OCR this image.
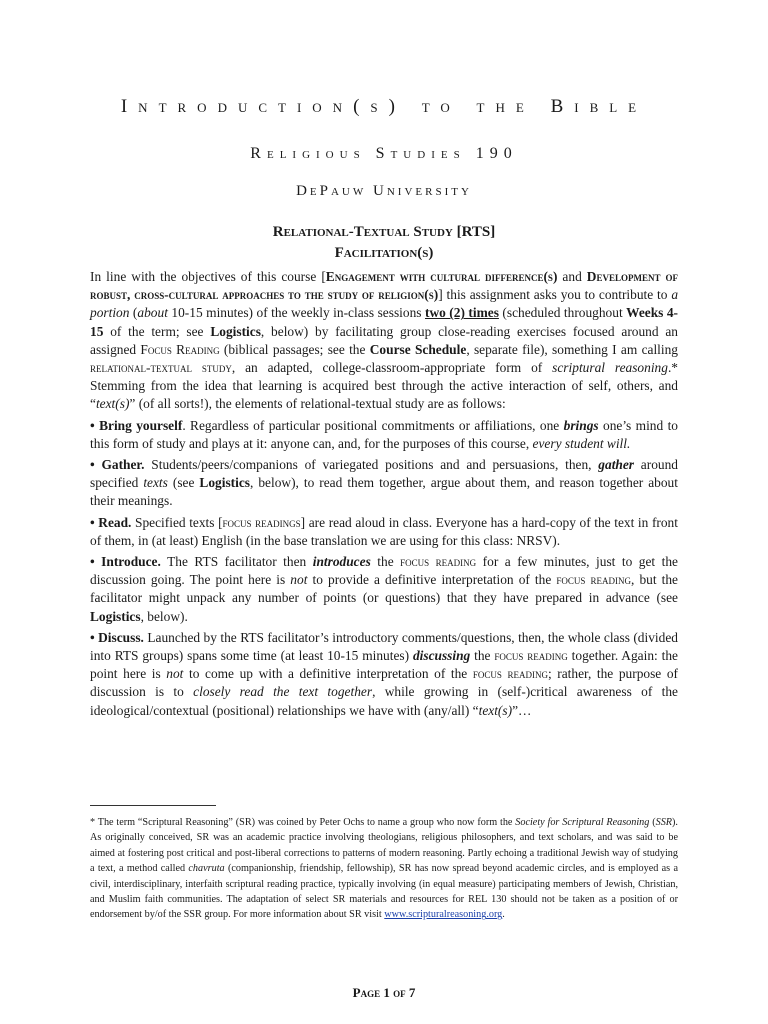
Introduction(s) to the Bible
Religious Studies 190
DePauw University
Relational-Textual Study [RTS]
Facilitation(s)

In line with the objectives of this course [Engagement with cultural difference(s) and Development of robust, cross-cultural approaches to the study of religion(s)] this assignment asks you to contribute to a portion (about 10-15 minutes) of the weekly in-class sessions two (2) times (scheduled throughout Weeks 4-15 of the term; see Logistics, below) by facilitating group close-reading exercises focused around an assigned Focus Reading (biblical passages; see the Course Schedule, separate file), something I am calling relational-textual study, an adapted, college-classroom-appropriate form of scriptural reasoning.* Stemming from the idea that learning is acquired best through the active interaction of self, others, and “text(s)” (of all sorts!), the elements of relational-textual study are as follows:

• Bring yourself. Regardless of particular positional commitments or affiliations, one brings one’s mind to this form of study and plays at it: anyone can, and, for the purposes of this course, every student will.

• Gather. Students/peers/companions of variegated positions and and persuasions, then, gather around specified texts (see Logistics, below), to read them together, argue about them, and reason together about their meanings.

• Read. Specified texts [focus readings] are read aloud in class. Everyone has a hard-copy of the text in front of them, in (at least) English (in the base translation we are using for this class: NRSV).

• Introduce. The RTS facilitator then introduces the focus reading for a few minutes, just to get the discussion going. The point here is not to provide a definitive interpretation of the focus reading, but the facilitator might unpack any number of points (or questions) that they have prepared in advance (see Logistics, below).

• Discuss. Launched by the RTS facilitator’s introductory comments/questions, then, the whole class (divided into RTS groups) spans some time (at least 10-15 minutes) discussing the focus reading together. Again: the point here is not to come up with a definitive interpretation of the focus reading; rather, the purpose of discussion is to closely read the text together, while growing in (self-)critical awareness of the ideological/contextual (positional) relationships we have with (any/all) “text(s)”…

* The term “Scriptural Reasoning” (SR) was coined by Peter Ochs to name a group who now form the Society for Scriptural Reasoning (SSR). As originally conceived, SR was an academic practice involving theologians, religious philosophers, and text scholars, and was said to be aimed at fostering post critical and post-liberal corrections to patterns of modern reasoning. Partly echoing a traditional Jewish way of studying a text, a method called chavruta (companionship, friendship, fellowship), SR has now spread beyond academic circles, and is employed as a civil, interdisciplinary, interfaith scriptural reading practice, typically involving (in equal measure) participating members of Jewish, Christian, and Muslim faith communities. The adaptation of select SR materials and resources for REL 130 should not be taken as a position of or endorsement by/of the SSR group. For more information about SR visit www.scripturalreasoning.org.
Page 1 of 7
